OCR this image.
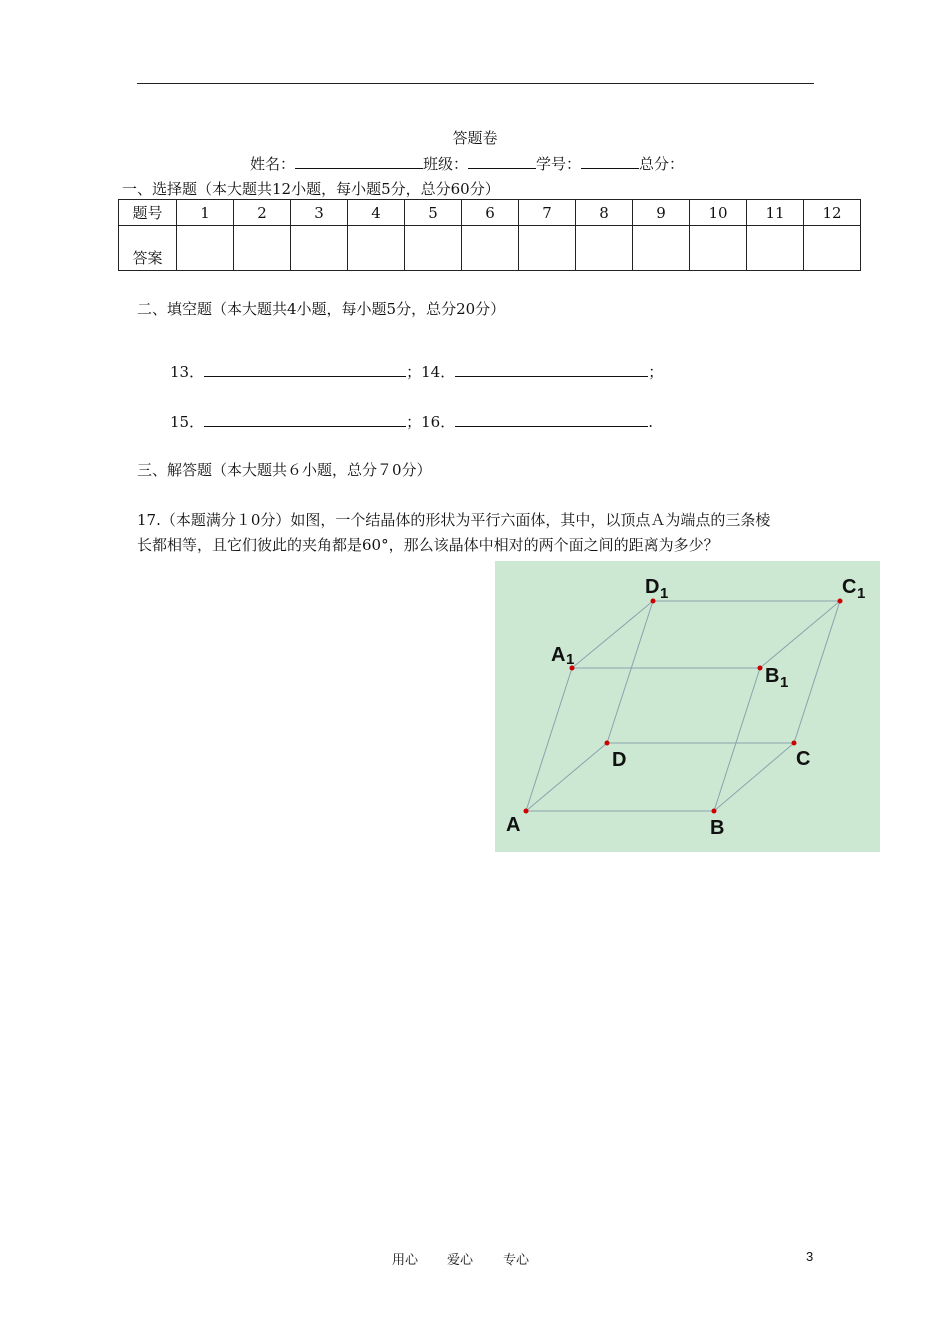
答题卷
姓名：	班级：	学号：	总分：
一、选择题（本大题共12小题，每小题5分，总分60分）
题号	1	2	3	4	5	6	7	8	9	10	11	12
答案												
二、填空题（本大题共4小题，每小题5分，总分20分）
13．	；14．	；
15．	；16．	.
三、解答题（本大题共６小题，总分７0分）
17.（本题满分１0分）如图，一个结晶体的形状为平行六面体，其中，以顶点Ａ为端点的三条棱
长都相等，且它们彼此的夹角都是60°，那么该晶体中相对的两个面之间的距离为多少？
A	B
C
D
A 1
B 1
C 1
D 1
用心 爱心 专心	3
